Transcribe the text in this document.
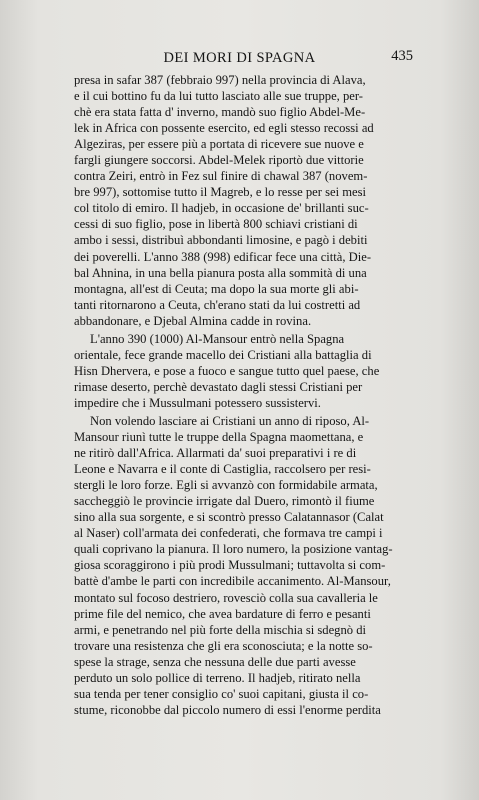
DEI MORI DI SPAGNA	435

presa in safar 387 (febbraio 997) nella provincia di Alava,
e il cui bottino fu da lui tutto lasciato alle sue truppe, per-
chè era stata fatta d' inverno, mandò suo figlio Abdel-Me-
lek in Africa con possente esercito, ed egli stesso recossi ad
Algeziras, per essere più a portata di ricevere sue nuove e
fargli giungere soccorsi. Abdel-Melek riportò due vittorie
contra Zeiri, entrò in Fez sul finire di chawal 387 (novem-
bre 997), sottomise tutto il Magreb, e lo resse per sei mesi
col titolo di emiro. Il hadjeb, in occasione de' brillanti suc-
cessi di suo figlio, pose in libertà 800 schiavi cristiani di
ambo i sessi, distribuì abbondanti limosine, e pagò i debiti
dei poverelli. L'anno 388 (998) edificar fece una città, Die-
bal Ahnina, in una bella pianura posta alla sommità di una
montagna, all'est di Ceuta; ma dopo la sua morte gli abi-
tanti ritornarono a Ceuta, ch'erano stati da lui costretti ad
abbandonare, e Djebal Almina cadde in rovina.

L'anno 390 (1000) Al-Mansour entrò nella Spagna
orientale, fece grande macello dei Cristiani alla battaglia di
Hisn Dhervera, e pose a fuoco e sangue tutto quel paese, che
rimase deserto, perchè devastato dagli stessi Cristiani per
impedire che i Mussulmani potessero sussistervi.

Non volendo lasciare ai Cristiani un anno di riposo, Al-
Mansour riunì tutte le truppe della Spagna maomettana, e
ne ritirò dall'Africa. Allarmati da' suoi preparativi i re di
Leone e Navarra e il conte di Castiglia, raccolsero per resi-
stergli le loro forze. Egli si avvanzò con formidabile armata,
saccheggiò le provincie irrigate dal Duero, rimontò il fiume
sino alla sua sorgente, e si scontrò presso Calatannasor (Calat
al Naser) coll'armata dei confederati, che formava tre campi i
quali coprivano la pianura. Il loro numero, la posizione vantag-
giosa scoraggirono i più prodi Mussulmani; tuttavolta si com-
battè d'ambe le parti con incredibile accanimento. Al-Mansour,
montato sul focoso destriero, rovesciò colla sua cavalleria le
prime file del nemico, che avea bardature di ferro e pesanti
armi, e penetrando nel più forte della mischia si sdegnò di
trovare una resistenza che gli era sconosciuta; e la notte so-
spese la strage, senza che nessuna delle due parti avesse
perduto un solo pollice di terreno. Il hadjeb, ritirato nella
sua tenda per tener consiglio co' suoi capitani, giusta il co-
stume, riconobbe dal piccolo numero di essi l'enorme perdita
